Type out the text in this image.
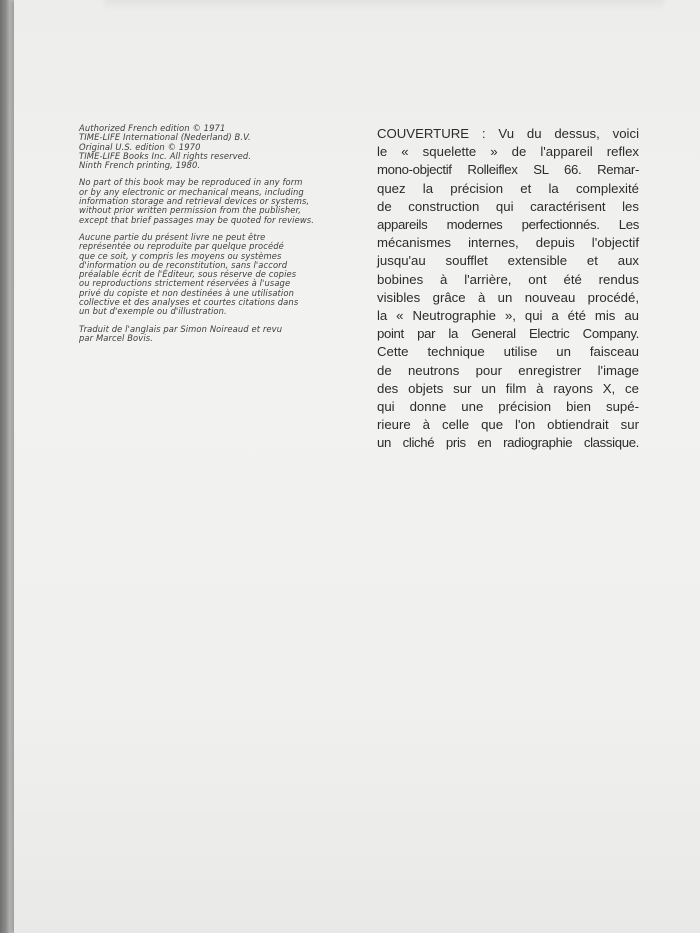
Authorized French edition © 1971
TIME-LIFE International (Nederland) B.V.
Original U.S. edition © 1970
TIME-LIFE Books Inc. All rights reserved.
Ninth French printing, 1980.
No part of this book may be reproduced in any form
or by any electronic or mechanical means, including
information storage and retrieval devices or systems,
without prior written permission from the publisher,
except that brief passages may be quoted for reviews.
Aucune partie du présent livre ne peut être
représentée ou reproduite par quelque procédé
que ce soit, y compris les moyens ou systèmes
d'information ou de reconstitution, sans l'accord
préalable écrit de l'Éditeur, sous réserve de copies
ou reproductions strictement réservées à l'usage
privé du copiste et non destinées à une utilisation
collective et des analyses et courtes citations dans
un but d'exemple ou d'illustration.
Traduit de l'anglais par Simon Noireaud et revu
par Marcel Bovis.
COUVERTURE : Vu du dessus, voici
le « squelette » de l'appareil reflex
mono-objectif Rolleiflex SL 66. Remar-
quez la précision et la complexité
de construction qui caractérisent les
appareils modernes perfectionnés. Les
mécanismes internes, depuis l'objectif
jusqu'au soufflet extensible et aux
bobines à l'arrière, ont été rendus
visibles grâce à un nouveau procédé,
la « Neutrographie », qui a été mis au
point par la General Electric Company.
Cette technique utilise un faisceau
de neutrons pour enregistrer l'image
des objets sur un film à rayons X, ce
qui donne une précision bien supé-
rieure à celle que l'on obtiendrait sur
un cliché pris en radiographie classique.
